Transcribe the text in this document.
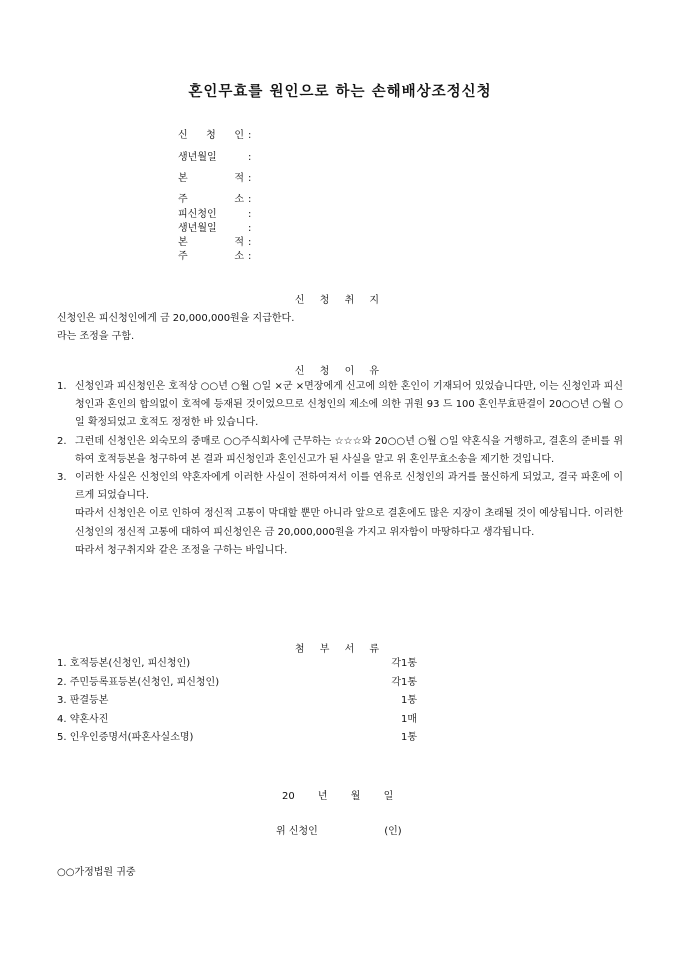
혼인무효를 원인으로 하는 손해배상조정신청
신 청 인 :
생년월일	:
본 적 :
주 소 :
피신청인	:
생년월일	:
본 적 :
주 소 :
신 청 취 지
신청인은 피신청인에게 금 20,000,000원을 지급한다.
라는 조정을 구함.
신 청 이 유
1. 신청인과 피신청인은 호적상 ○○년 ○월 ○일 ×군 ×면장에게 신고에 의한 혼인이 기재되어 있었습니다만, 이는 신청인과 피신청인과 혼인의 합의없이 호적에 등재된 것이었으므로 신청인의 제소에 의한 귀원 93 드 100 혼인무효판결이 20○○년 ○월 ○일 확정되었고 호적도 정정한 바 있습니다.
2. 그런데 신청인은 외숙모의 중매로 ○○주식회사에 근무하는 ☆☆☆와 20○○년 ○월 ○일 약혼식을 거행하고, 결혼의 준비를 위하여 호적등본을 청구하여 본 결과 피신청인과 혼인신고가 된 사실을 알고 위 혼인무효소송을 제기한 것입니다.
3. 이러한 사실은 신청인의 약혼자에게 이러한 사실이 전하여져서 이를 연유로 신청인의 과거를 물신하게 되었고, 결국 파혼에 이르게 되었습니다.
따라서 신청인은 이로 인하여 정신적 고통이 막대할 뿐만 아니라 앞으로 결혼에도 많은 지장이 초래될 것이 예상됩니다. 이러한 신청인의 정신적 고통에 대하여 피신청인은 금 20,000,000원을 가지고 위자함이 마땅하다고 생각됩니다.
따라서 청구취지와 같은 조정을 구하는 바입니다.
첨 부 서 류
1. 호적등본(신청인, 피신청인)	각1통
2. 주민등록표등본(신청인, 피신청인)	각1통
3. 판결등본	1통
4. 약혼사진	1매
5. 인우인증명서(파혼사실소명)	1통
20 년 월 일
위 신청인	(인)
○○가정법원 귀중
